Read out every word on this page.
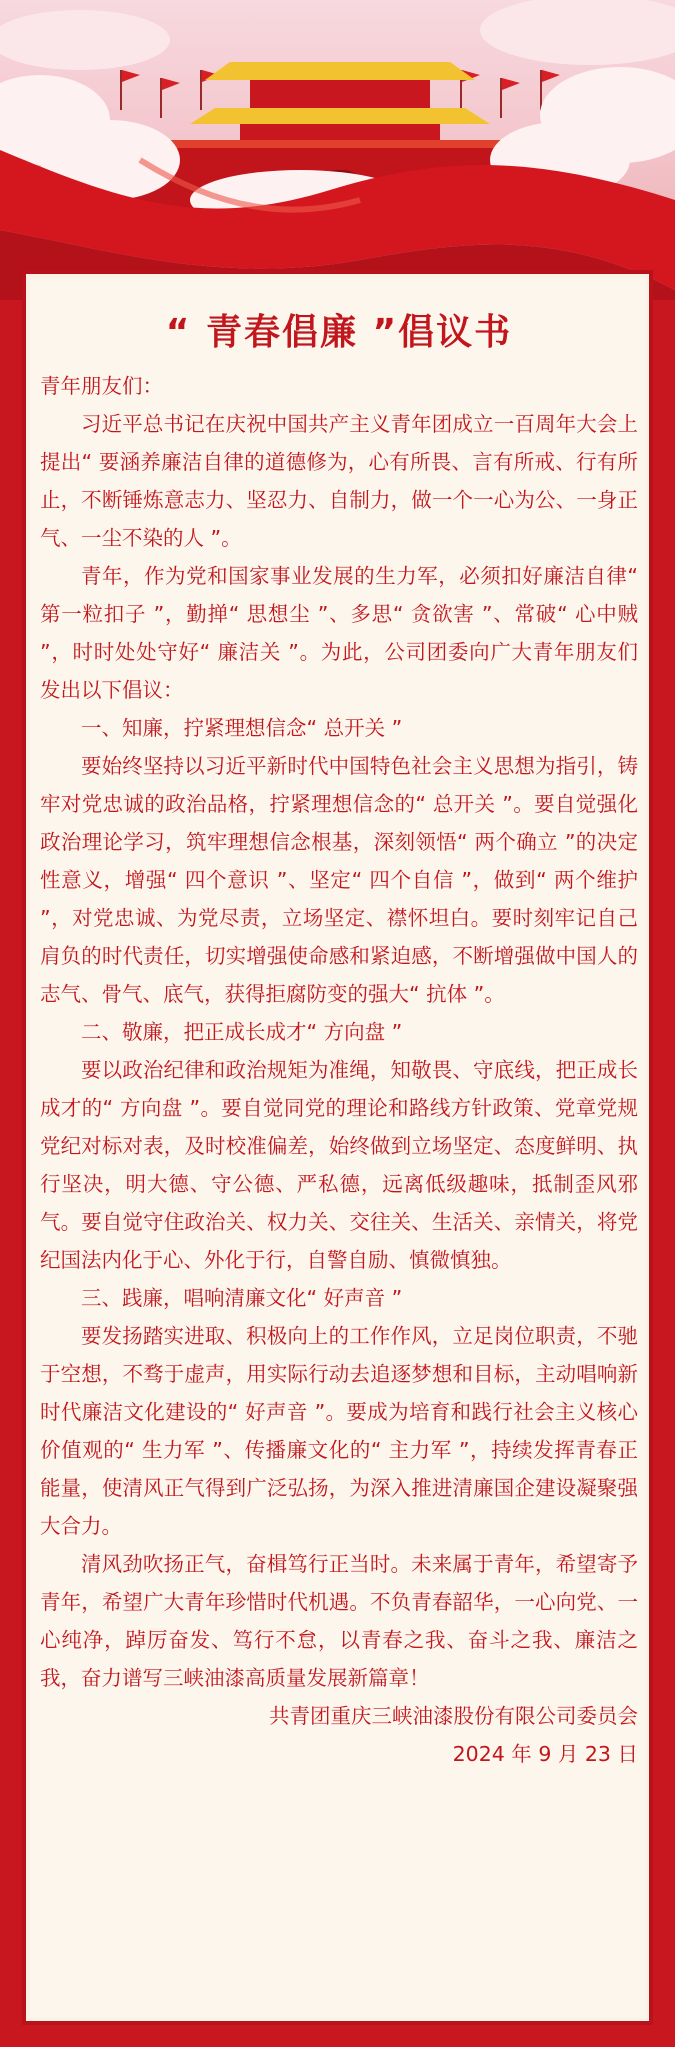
“ 青春倡廉 ”倡议书

青年朋友们：

习近平总书记在庆祝中国共产主义青年团成立一百周年大会上提出“ 要涵养廉洁自律的道德修为，心有所畏、言有所戒、行有所止，不断锤炼意志力、坚忍力、自制力，做一个一心为公、一身正气、一尘不染的人 ”。

青年，作为党和国家事业发展的生力军，必须扣好廉洁自律“ 第一粒扣子 ”，勤掸“ 思想尘 ”、多思“ 贪欲害 ”、常破“ 心中贼 ”，时时处处守好“ 廉洁关 ”。为此，公司团委向广大青年朋友们发出以下倡议：

一、知廉，拧紧理想信念“ 总开关 ”

要始终坚持以习近平新时代中国特色社会主义思想为指引，铸牢对党忠诚的政治品格，拧紧理想信念的“ 总开关 ”。要自觉强化政治理论学习，筑牢理想信念根基，深刻领悟“ 两个确立 ”的决定性意义，增强“ 四个意识 ”、坚定“ 四个自信 ”，做到“ 两个维护 ”，对党忠诚、为党尽责，立场坚定、襟怀坦白。要时刻牢记自己肩负的时代责任，切实增强使命感和紧迫感，不断增强做中国人的志气、骨气、底气，获得拒腐防变的强大“ 抗体 ”。

二、敬廉，把正成长成才“ 方向盘 ”

要以政治纪律和政治规矩为准绳，知敬畏、守底线，把正成长成才的“ 方向盘 ”。要自觉同党的理论和路线方针政策、党章党规党纪对标对表，及时校准偏差，始终做到立场坚定、态度鲜明、执行坚决，明大德、守公德、严私德，远离低级趣味，抵制歪风邪气。要自觉守住政治关、权力关、交往关、生活关、亲情关，将党纪国法内化于心、外化于行，自警自励、慎微慎独。

三、践廉，唱响清廉文化“ 好声音 ”

要发扬踏实进取、积极向上的工作作风，立足岗位职责，不驰于空想，不骛于虚声，用实际行动去追逐梦想和目标，主动唱响新时代廉洁文化建设的“ 好声音 ”。要成为培育和践行社会主义核心价值观的“ 生力军 ”、传播廉文化的“ 主力军 ”，持续发挥青春正能量，使清风正气得到广泛弘扬，为深入推进清廉国企建设凝聚强大合力。

清风劲吹扬正气，奋楫笃行正当时。未来属于青年，希望寄予青年，希望广大青年珍惜时代机遇。不负青春韶华，一心向党、一心纯净，踔厉奋发、笃行不怠，以青春之我、奋斗之我、廉洁之我，奋力谱写三峡油漆高质量发展新篇章！

共青团重庆三峡油漆股份有限公司委员会

2024 年 9 月 23 日
